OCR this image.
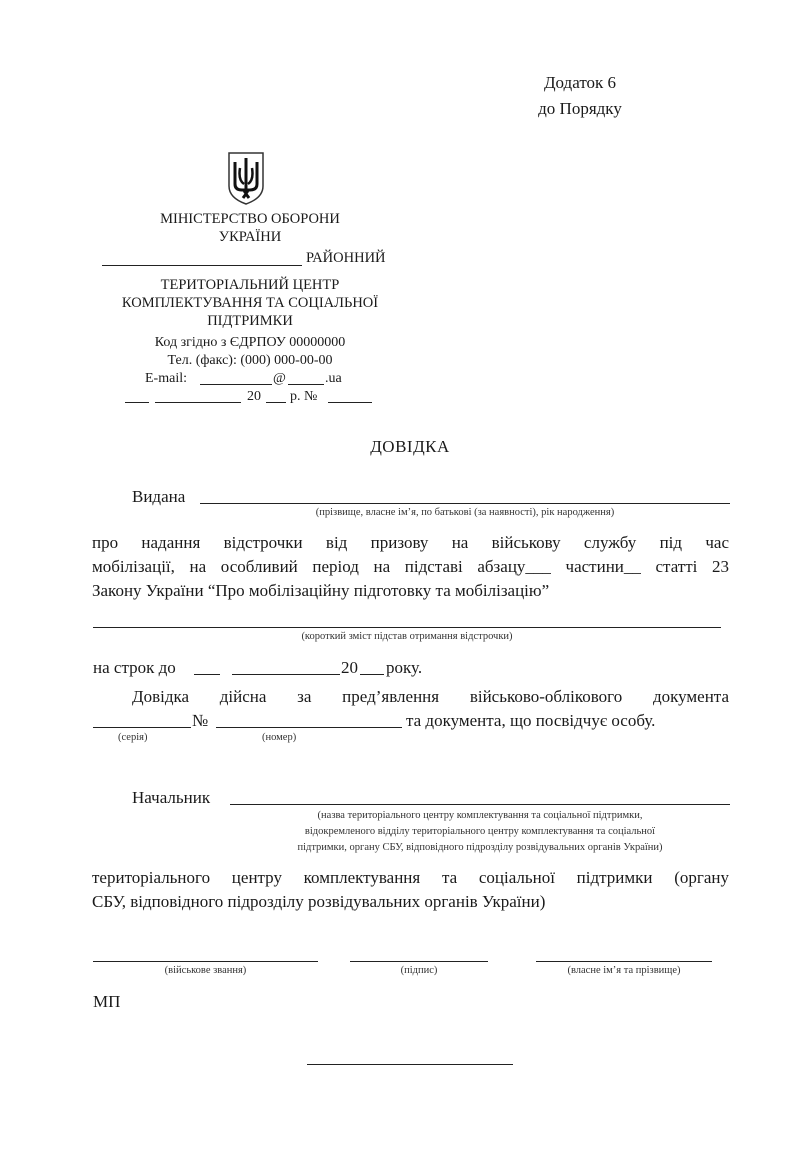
Додаток 6
до Порядку
МІНІСТЕРСТВО ОБОРОНИ
УКРАЇНИ
РАЙОННИЙ
ТЕРИТОРІАЛЬНИЙ ЦЕНТР
КОМПЛЕКТУВАННЯ ТА СОЦІАЛЬНОЇ
ПІДТРИМКИ
Код згідно з ЄДРПОУ 00000000
Тел. (факс): (000) 000-00-00
E-mail:	@	.ua
20 р. №
ДОВІДКА
Видана
(прізвище, власне ім’я, по батькові (за наявності), рік народження)
про надання відстрочки від призову на військову службу під час
мобілізації, на особливий період на підставі абзацу___ частини__ статті 23
Закону України “Про мобілізаційну підготовку та мобілізацію”
(короткий зміст підстав отримання відстрочки)
на строк до	20 року.
Довідка дійсна за пред’явлення військово-облікового документа
№	та документа, що посвідчує особу.
(серія)	(номер)
Начальник
(назва територіального центру комплектування та соціальної підтримки,
відокремленого відділу територіального центру комплектування та соціальної
підтримки, органу СБУ, відповідного підрозділу розвідувальних органів України)
територіального центру комплектування та соціальної підтримки (органу
СБУ, відповідного підрозділу розвідувальних органів України)
(військове звання)	(підпис)	(власне ім’я та прізвище)
МП
